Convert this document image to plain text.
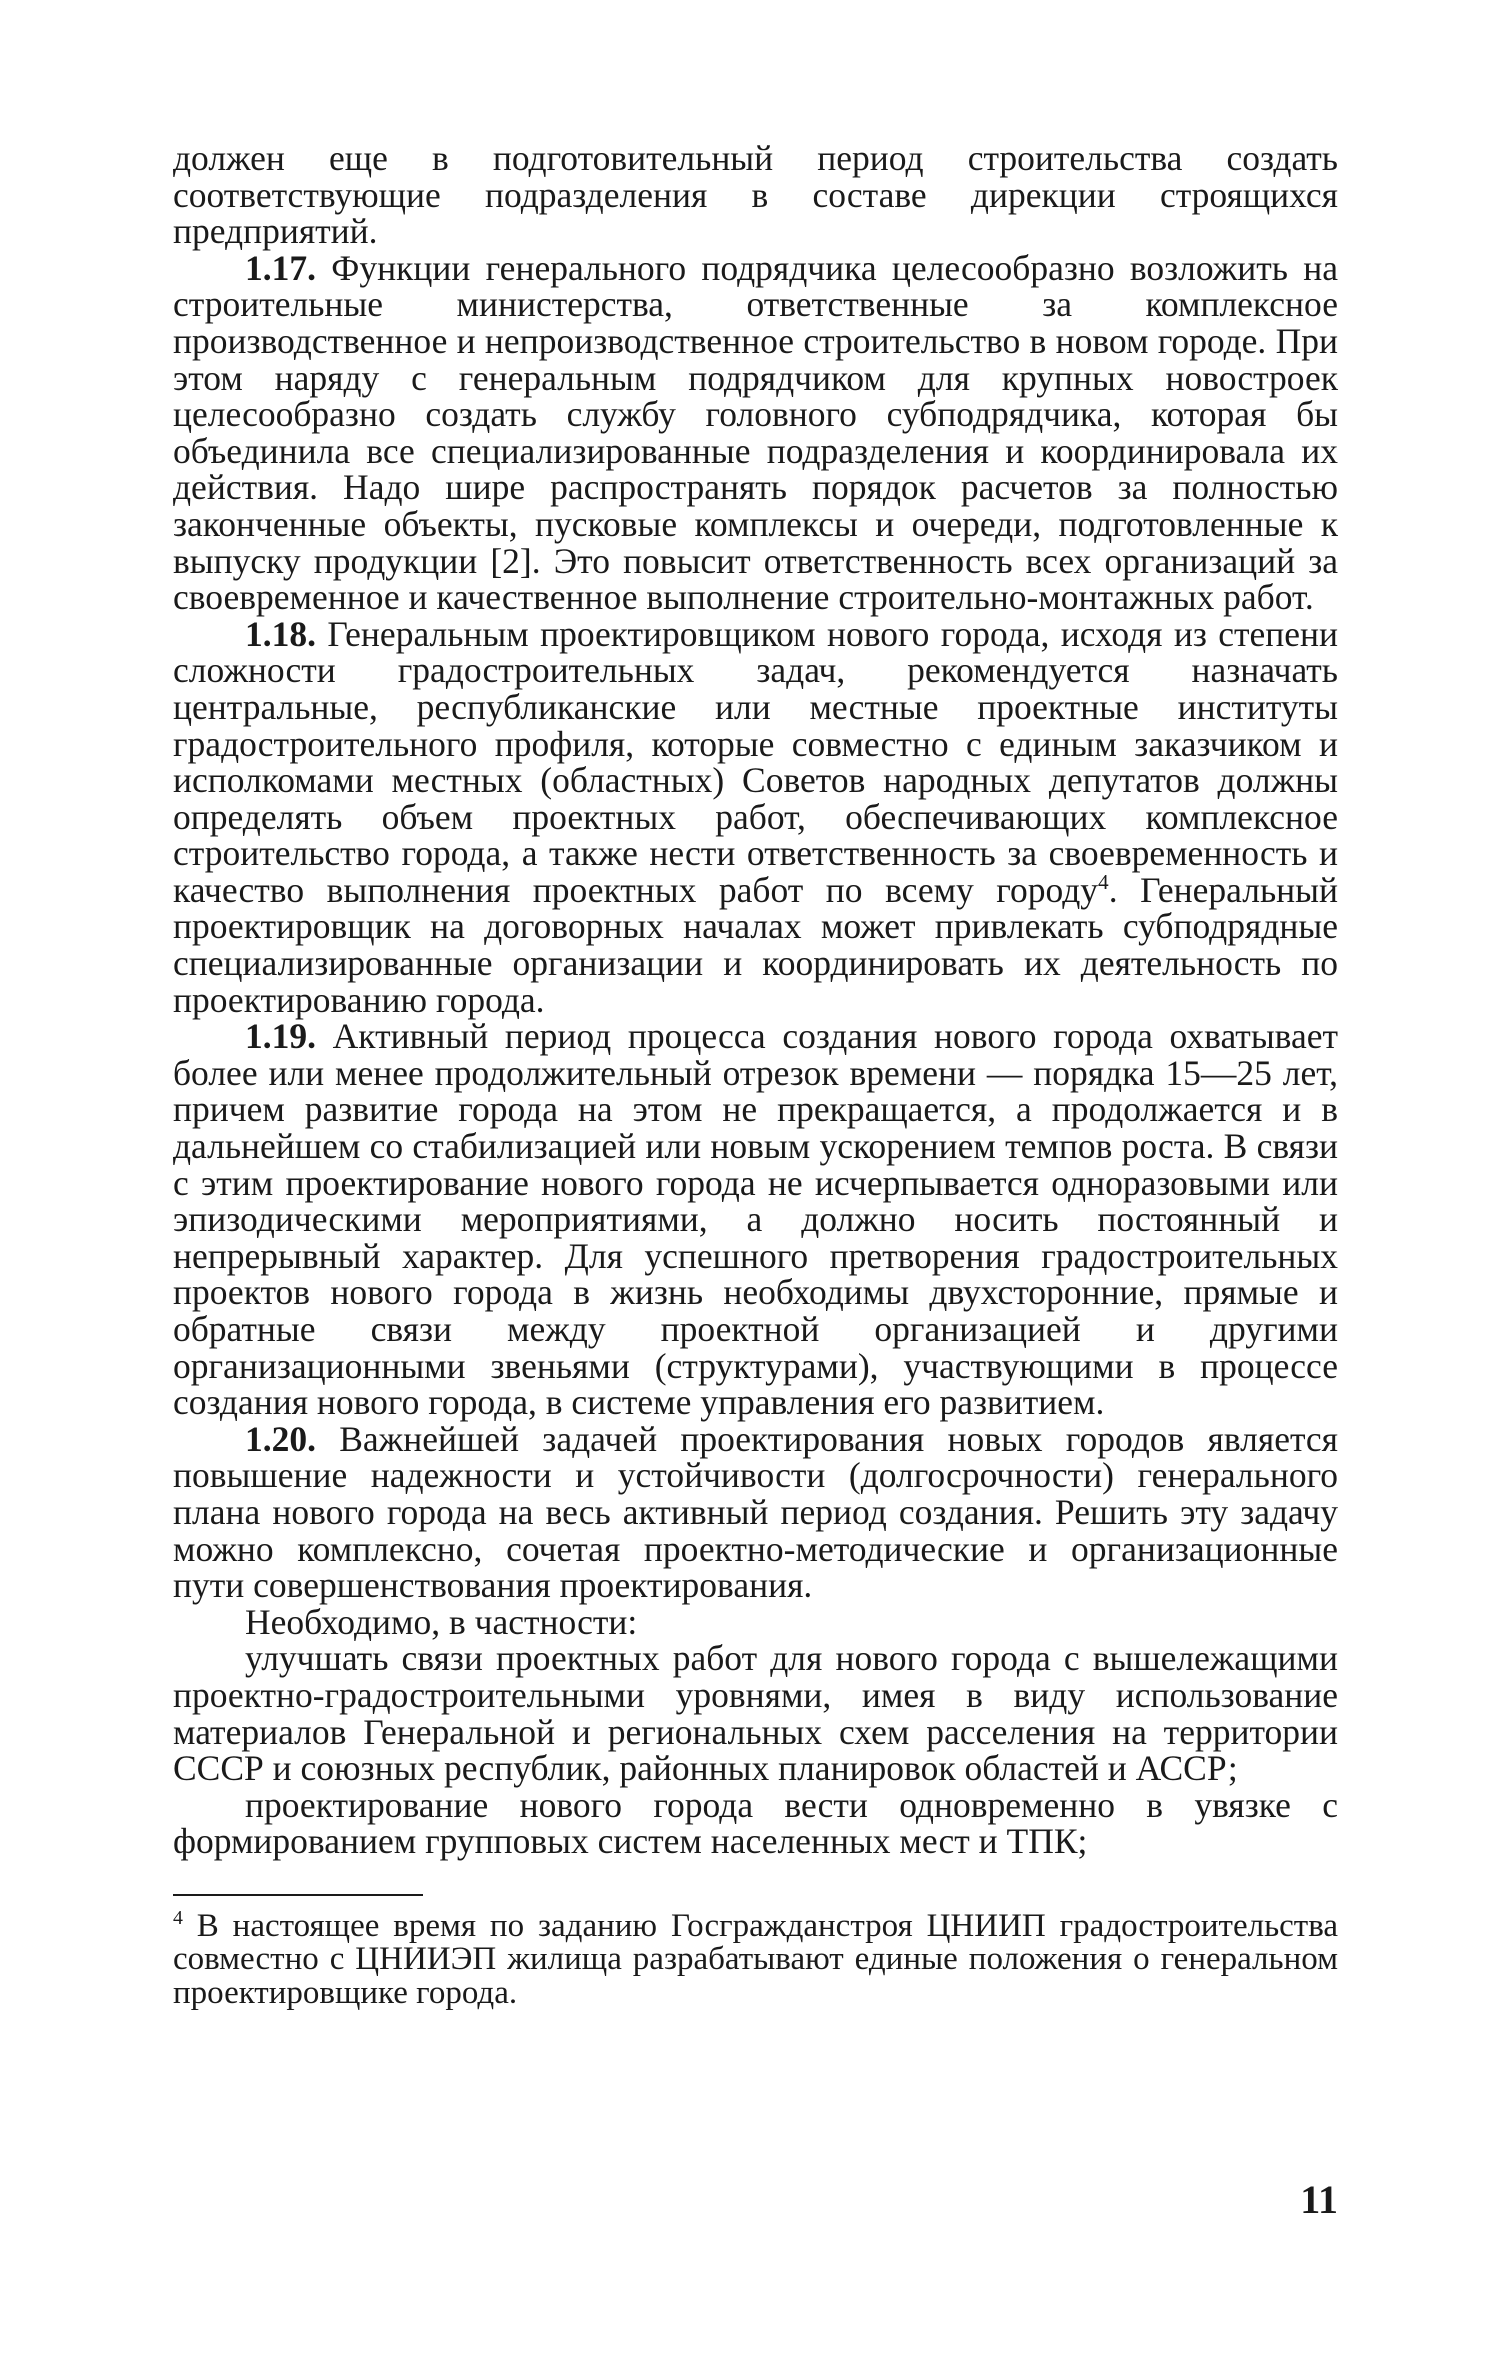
должен еще в подготовительный период строительства создать соответствующие подразделения в составе дирекции строящихся предприятий.

1.17. Функции генерального подрядчика целесообразно возложить на строительные министерства, ответственные за комплексное производственное и непроизводственное строительство в новом городе. При этом наряду с генеральным подрядчиком для крупных новостроек целесообразно создать службу головного субподрядчика, которая бы объединила все специализированные подразделения и координировала их действия. Надо шире распространять порядок расчетов за полностью законченные объекты, пусковые комплексы и очереди, подготовленные к выпуску продукции [2]. Это повысит ответственность всех организаций за своевременное и качественное выполнение строительно-монтажных работ.

1.18. Генеральным проектировщиком нового города, исходя из степени сложности градостроительных задач, рекомендуется назначать центральные, республиканские или местные проектные институты градостроительного профиля, которые совместно с единым заказчиком и исполкомами местных (областных) Советов народных депутатов должны определять объем проектных работ, обеспечивающих комплексное строительство города, а также нести ответственность за своевременность и качество выполнения проектных работ по всему городу$^4$. Генеральный проектировщик на договорных началах может привлекать субподрядные специализированные организации и координировать их деятельность по проектированию города.

1.19. Активный период процесса создания нового города охватывает более или менее продолжительный отрезок времени — порядка 15—25 лет, причем развитие города на этом не прекращается, а продолжается и в дальнейшем со стабилизацией или новым ускорением темпов роста. В связи с этим проектирование нового города не исчерпывается одноразовыми или эпизодическими мероприятиями, а должно носить постоянный и непрерывный характер. Для успешного претворения градостроительных проектов нового города в жизнь необходимы двухсторонние, прямые и обратные связи между проектной организацией и другими организационными звеньями (структурами), участвующими в процессе создания нового города, в системе управления его развитием.

1.20. Важнейшей задачей проектирования новых городов является повышение надежности и устойчивости (долгосрочности) генерального плана нового города на весь активный период создания. Решить эту задачу можно комплексно, сочетая проектно-методические и организационные пути совершенствования проектирования.

Необходимо, в частности:

улучшать связи проектных работ для нового города с вышележащими проектно-градостроительными уровнями, имея в виду использование материалов Генеральной и региональных схем расселения на территории СССР и союзных республик, районных планировок областей и АССР;

проектирование нового города вести одновременно в увязке с формированием групповых систем населенных мест и ТПК;

$^4$ В настоящее время по заданию Госгражданстроя ЦНИИП градостроительства совместно с ЦНИИЭП жилища разрабатывают единые положения о генеральном проектировщике города.

11
